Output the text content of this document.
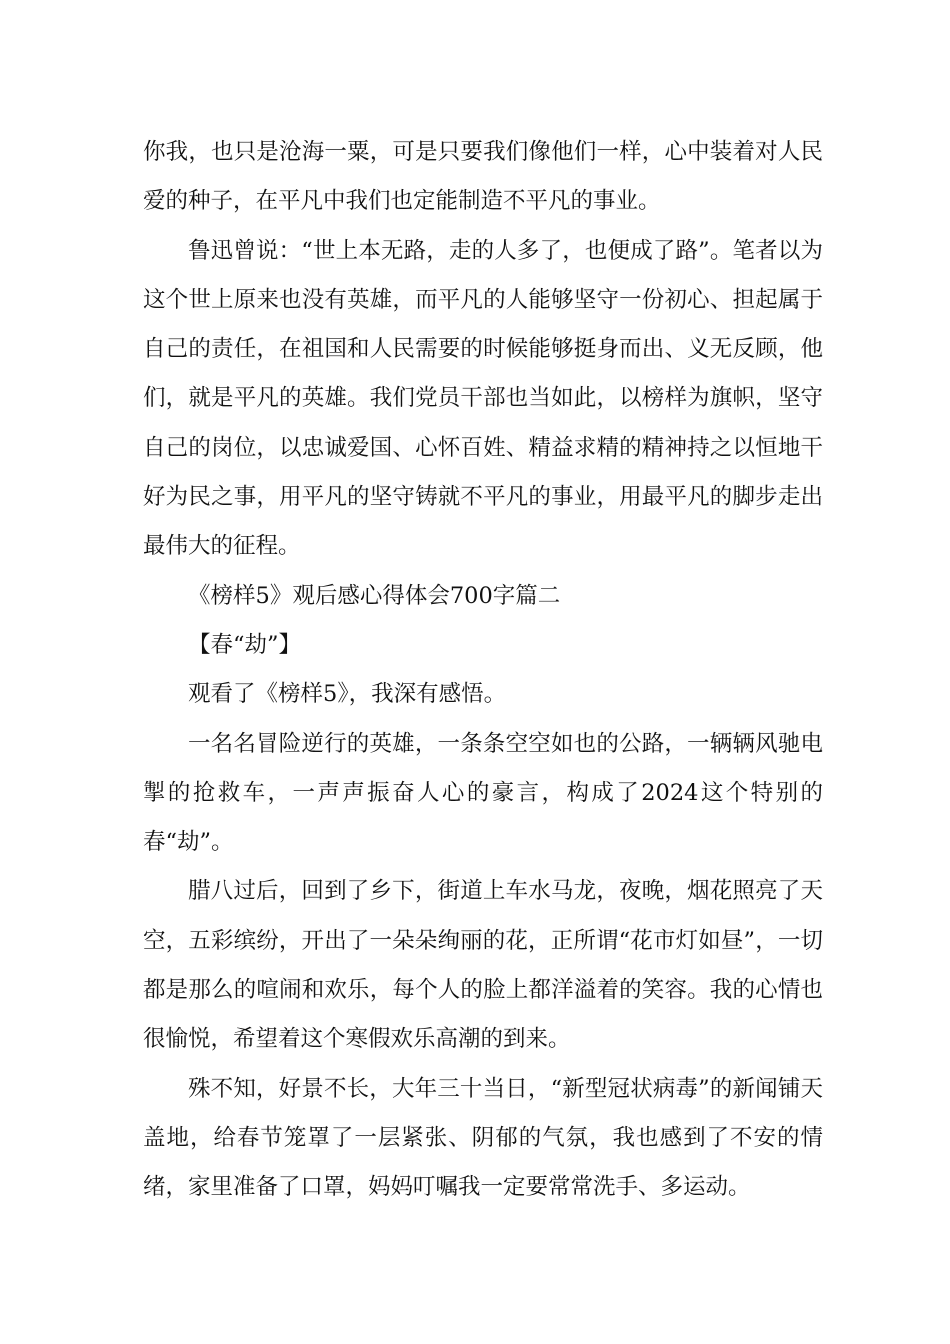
你我，也只是沧海一粟，可是只要我们像他们一样，心中装着对人民爱的种子，在平凡中我们也定能制造不平凡的事业。

鲁迅曾说：“世上本无路，走的人多了，也便成了路”。笔者以为这个世上原来也没有英雄，而平凡的人能够坚守一份初心、担起属于自己的责任，在祖国和人民需要的时候能够挺身而出、义无反顾，他们，就是平凡的英雄。我们党员干部也当如此，以榜样为旗帜，坚守自己的岗位，以忠诚爱国、心怀百姓、精益求精的精神持之以恒地干好为民之事，用平凡的坚守铸就不平凡的事业，用最平凡的脚步走出最伟大的征程。

《榜样5》观后感心得体会700字篇二

【春“劫”】

观看了《榜样5》，我深有感悟。

一名名冒险逆行的英雄，一条条空空如也的公路，一辆辆风驰电掣的抢救车，一声声振奋人心的豪言，构成了2024这个特别的春“劫”。

腊八过后，回到了乡下，街道上车水马龙，夜晚，烟花照亮了天空，五彩缤纷，开出了一朵朵绚丽的花，正所谓“花市灯如昼”，一切都是那么的喧闹和欢乐，每个人的脸上都洋溢着的笑容。我的心情也很愉悦，希望着这个寒假欢乐高潮的到来。

殊不知，好景不长，大年三十当日，“新型冠状病毒”的新闻铺天盖地，给春节笼罩了一层紧张、阴郁的气氛，我也感到了不安的情绪，家里准备了口罩，妈妈叮嘱我一定要常常洗手、多运动。
